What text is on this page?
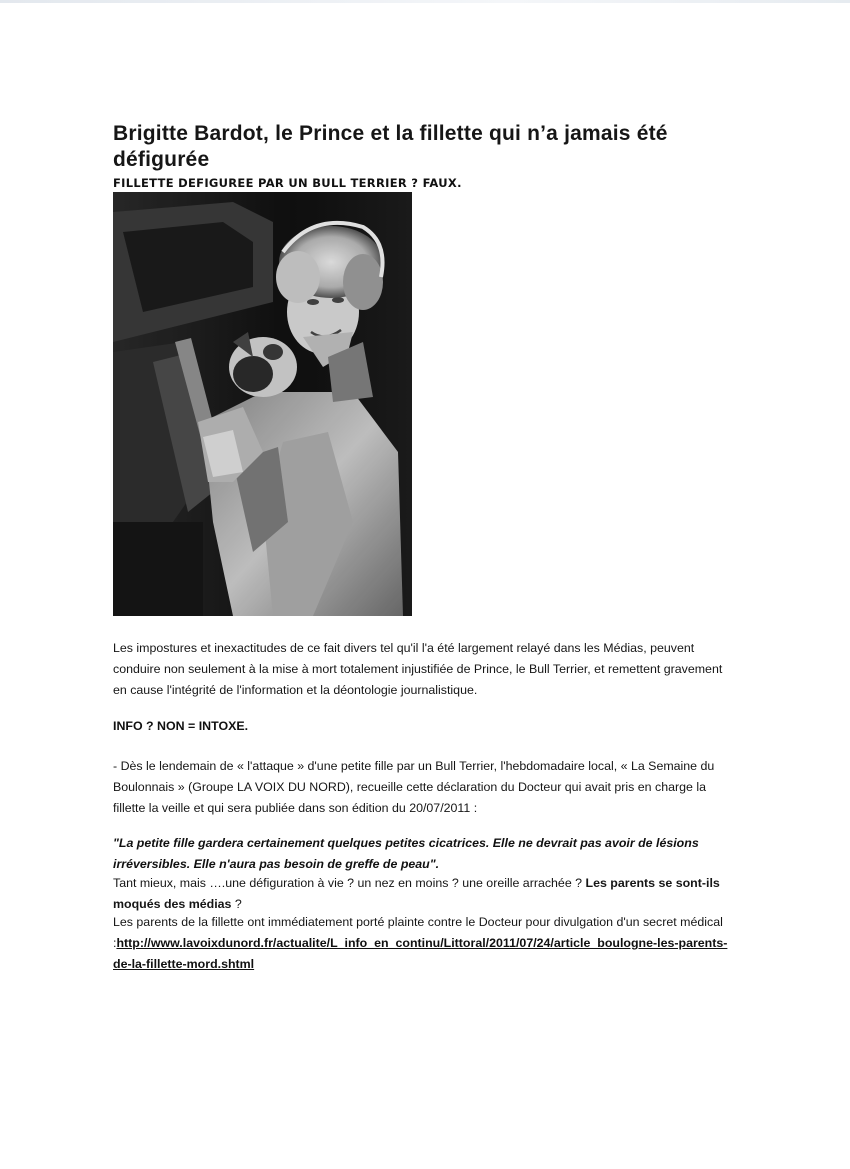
Brigitte Bardot, le Prince et la fillette qui n’a jamais été défigurée

FILLETTE DEFIGUREE PAR UN BULL TERRIER ? FAUX.

Les impostures et inexactitudes de ce fait divers tel qu'il l'a été largement relayé dans les Médias, peuvent conduire non seulement à la mise à mort totalement injustifiée de Prince, le Bull Terrier, et remettent gravement en cause l'intégrité de l'information et la déontologie journalistique.

INFO ? NON = INTOXE.

- Dès le lendemain de « l'attaque » d'une petite fille par un Bull Terrier, l'hebdomadaire local, « La Semaine du Boulonnais » (Groupe LA VOIX DU NORD), recueille cette déclaration du Docteur qui avait pris en charge la fillette la veille et qui sera publiée dans son édition du 20/07/2011 :

"La petite fille gardera certainement quelques petites cicatrices. Elle ne devrait pas avoir de lésions irréversibles. Elle n'aura pas besoin de greffe de peau".

Tant mieux, mais ….une défiguration à vie ? un nez en moins ? une oreille arrachée ? Les parents se sont-ils moqués des médias ?

Les parents de la fillette ont immédiatement porté plainte contre le Docteur pour divulgation d'un secret médical :http://www.lavoixdunord.fr/actualite/L_info_en_continu/Littoral/2011/07/24/article_boulogne-les-parents-de-la-fillette-mord.shtml
